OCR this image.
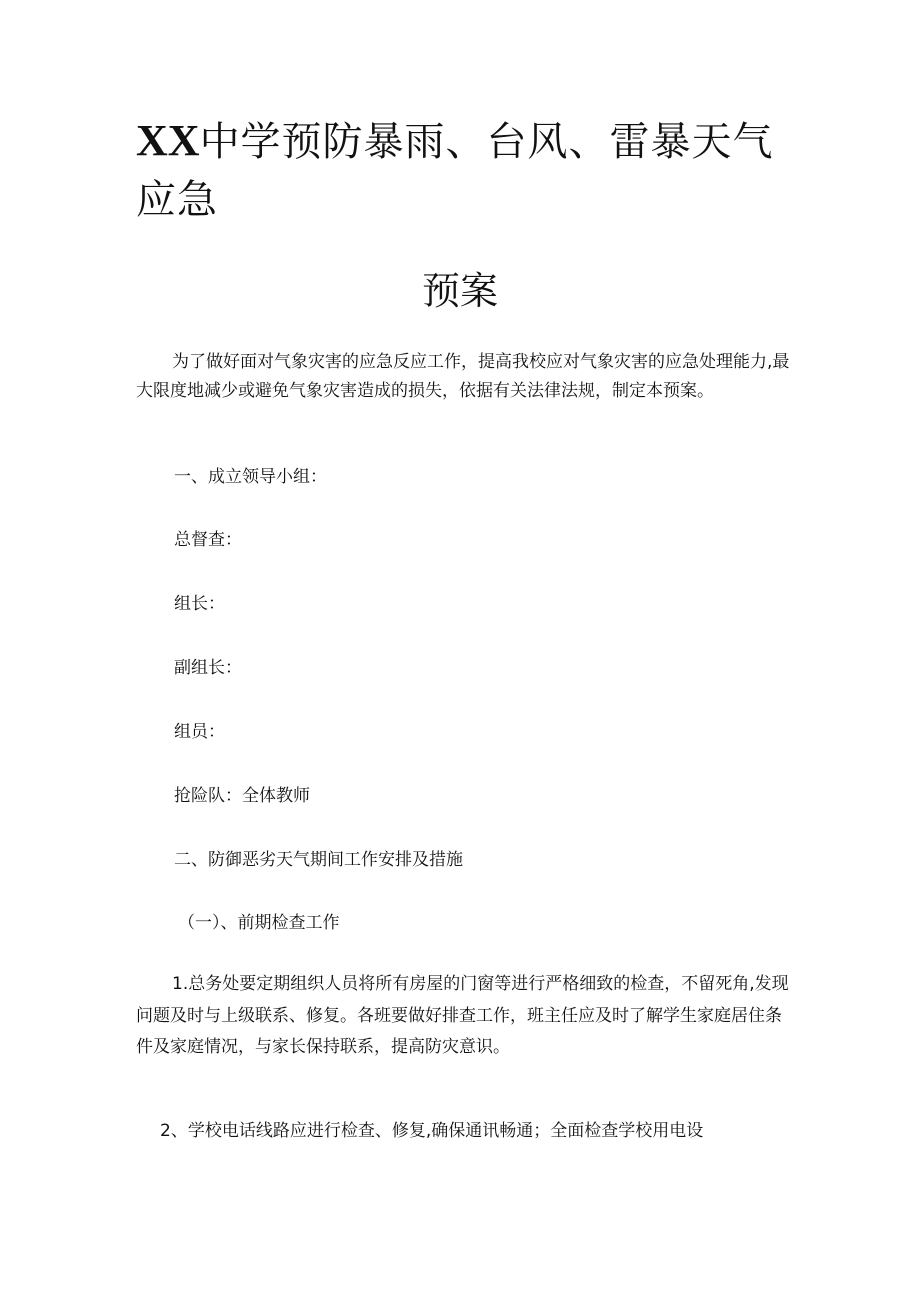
XX中学预防暴雨、台风、雷暴天气应急
预案

为了做好面对气象灾害的应急反应工作，提高我校应对气象灾害的应急处理能力,最大限度地减少或避免气象灾害造成的损失，依据有关法律法规，制定本预案。

一、成立领导小组：

总督查：

组长：

副组长：

组员：

抢险队：全体教师

二、防御恶劣天气期间工作安排及措施

（一）、前期检查工作

1.总务处要定期组织人员将所有房屋的门窗等进行严格细致的检查，不留死角,发现问题及时与上级联系、修复。各班要做好排查工作，班主任应及时了解学生家庭居住条件及家庭情况，与家长保持联系，提高防灾意识。

2、学校电话线路应进行检查、修复,确保通讯畅通；全面检查学校用电设
